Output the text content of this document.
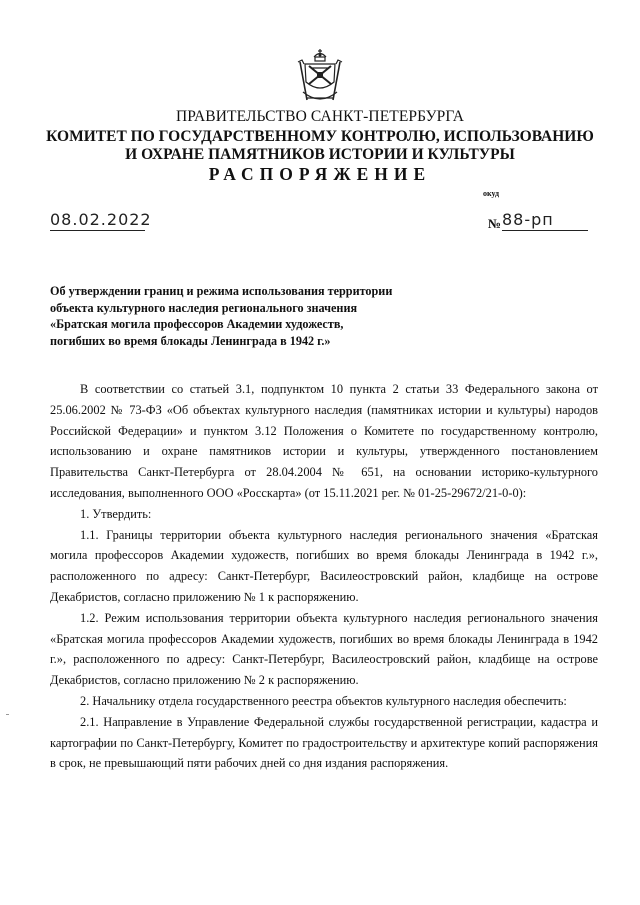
ПРАВИТЕЛЬСТВО САНКТ-ПЕТЕРБУРГА
КОМИТЕТ ПО ГОСУДАРСТВЕННОМУ КОНТРОЛЮ, ИСПОЛЬЗОВАНИЮ
И ОХРАНЕ ПАМЯТНИКОВ ИСТОРИИ И КУЛЬТУРЫ
РАСПОРЯЖЕНИЕ
окуд
08.02.2022	№ 88-рп
Об утверждении границ и режима использования территории
объекта культурного наследия регионального значения
«Братская могила профессоров Академии художеств,
погибших во время блокады Ленинграда в 1942 г.»

В соответствии со статьей 3.1, подпунктом 10 пункта 2 статьи 33 Федерального закона от 25.06.2002 № 73-ФЗ «Об объектах культурного наследия (памятниках истории и культуры) народов Российской Федерации» и пунктом 3.12 Положения о Комитете по государственному контролю, использованию и охране памятников истории и культуры, утвержденного постановлением Правительства Санкт-Петербурга от 28.04.2004 № 651, на основании историко-культурного исследования, выполненного ООО «Росскарта» (от 15.11.2021 рег. № 01-25-29672/21-0-0):

1. Утвердить:

1.1. Границы территории объекта культурного наследия регионального значения «Братская могила профессоров Академии художеств, погибших во время блокады Ленинграда в 1942 г.», расположенного по адресу: Санкт-Петербург, Василеостровский район, кладбище на острове Декабристов, согласно приложению № 1 к распоряжению.

1.2. Режим использования территории объекта культурного наследия регионального значения «Братская могила профессоров Академии художеств, погибших во время блокады Ленинграда в 1942 г.», расположенного по адресу: Санкт-Петербург, Василеостровский район, кладбище на острове Декабристов, согласно приложению № 2 к распоряжению.

2. Начальнику отдела государственного реестра объектов культурного наследия обеспечить:

2.1. Направление в Управление Федеральной службы государственной регистрации, кадастра и картографии по Санкт-Петербургу, Комитет по градостроительству и архитектуре копий распоряжения в срок, не превышающий пяти рабочих дней со дня издания распоряжения.
